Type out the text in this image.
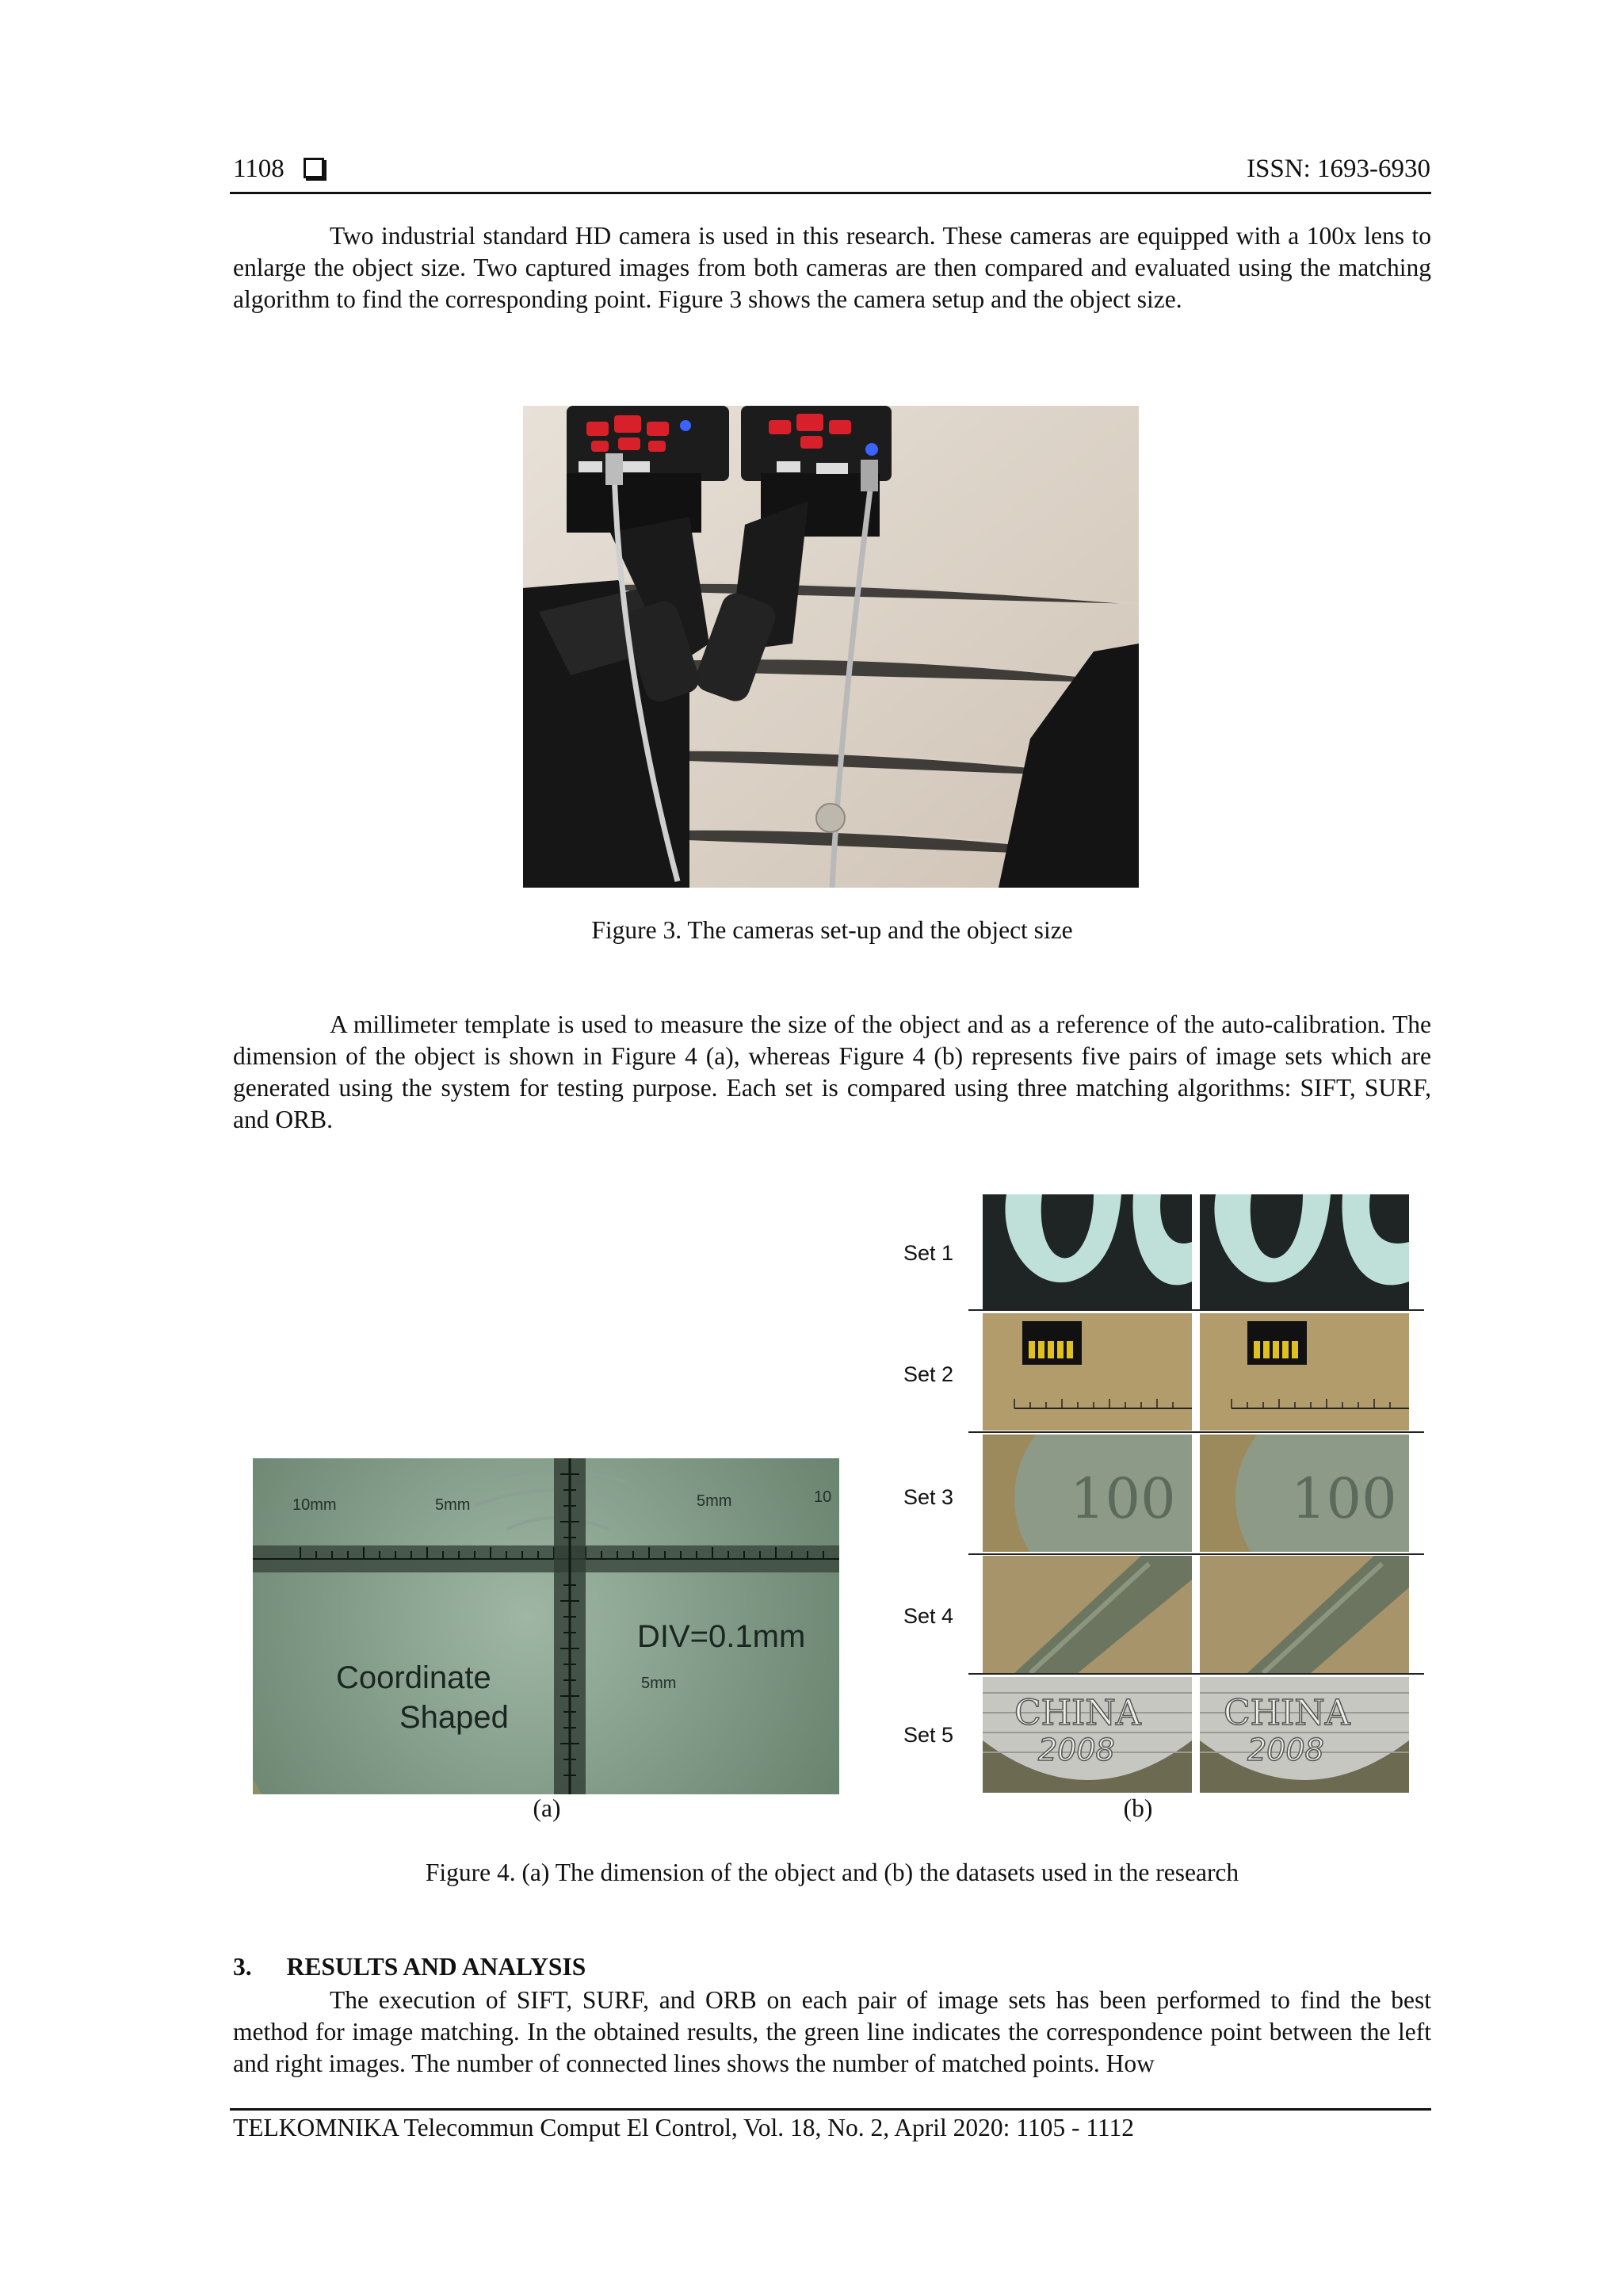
1108	ISSN: 1693-6930
Two industrial standard HD camera is used in this research. These cameras are equipped with a 100x lens to enlarge the object size. Two captured images from both cameras are then compared and evaluated using the matching algorithm to find the corresponding point. Figure 3 shows the camera setup and the object size.
Figure 3. The cameras set-up and the object size
A millimeter template is used to measure the size of the object and as a reference of the auto-calibration. The dimension of the object is shown in Figure 4 (a), whereas Figure 4 (b) represents five pairs of image sets which are generated using the system for testing purpose. Each set is compared using three matching algorithms: SIFT, SURF, and ORB.
10mm	5mm	5mm	10
DIV=0.1mm
5mm
Coordinate
Shaped
(a)
Set 1
Set 2
Set 3
Set 4
Set 5
100 100
CHINA
2008
CHINA
2008
(b)
Figure 4. (a) The dimension of the object and (b) the datasets used in the research
3. RESULTS AND ANALYSIS
The execution of SIFT, SURF, and ORB on each pair of image sets has been performed to find the best method for image matching. In the obtained results, the green line indicates the correspondence point between the left and right images. The number of connected lines shows the number of matched points. How
TELKOMNIKA Telecommun Comput El Control, Vol. 18, No. 2, April 2020: 1105 - 1112
